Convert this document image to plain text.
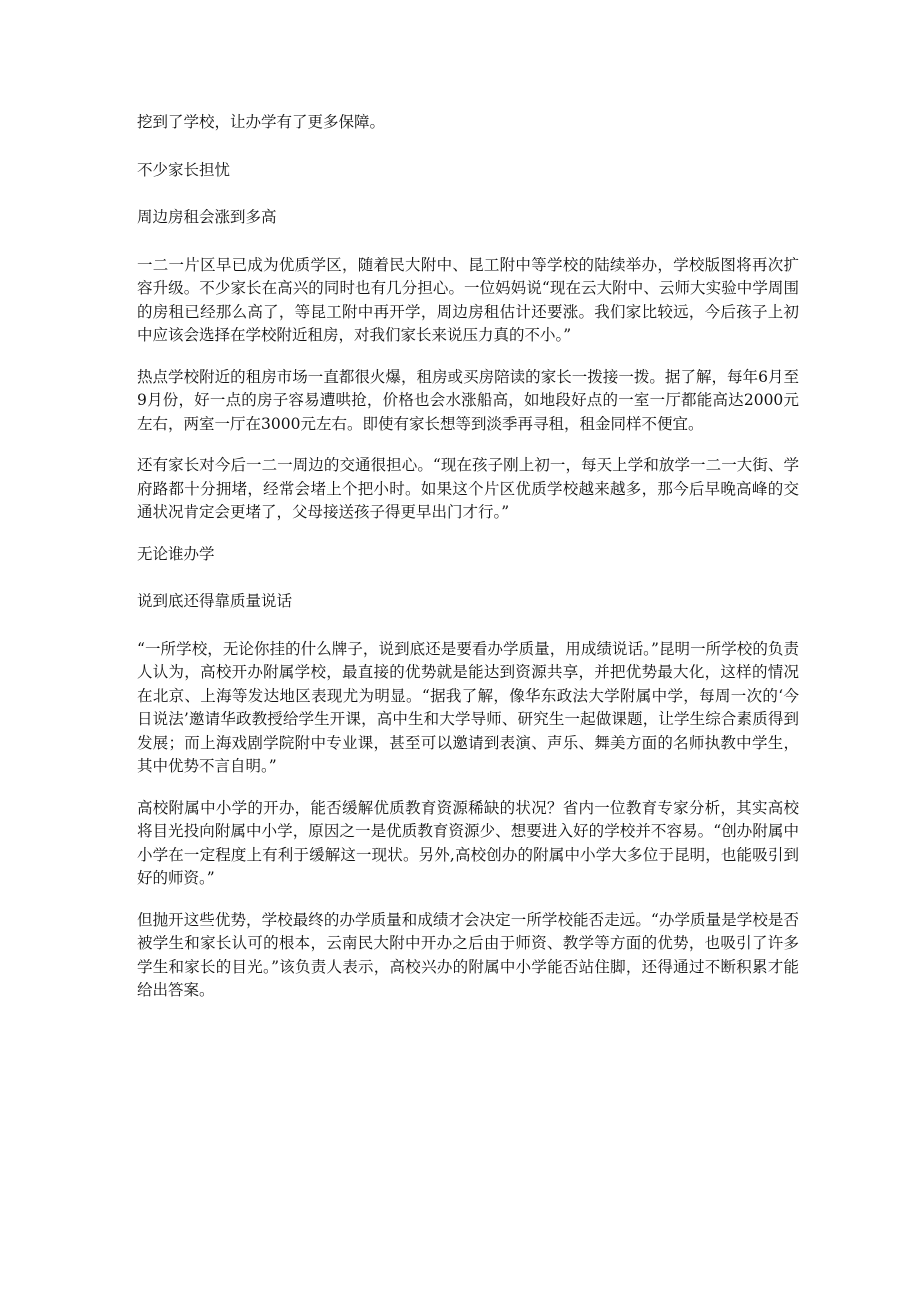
挖到了学校，让办学有了更多保障。

不少家长担忧

周边房租会涨到多高

一二一片区早已成为优质学区，随着民大附中、昆工附中等学校的陆续举办，学校版图将再次扩容升级。不少家长在高兴的同时也有几分担心。一位妈妈说“现在云大附中、云师大实验中学周围的房租已经那么高了，等昆工附中再开学，周边房租估计还要涨。我们家比较远，今后孩子上初中应该会选择在学校附近租房，对我们家长来说压力真的不小。”

热点学校附近的租房市场一直都很火爆，租房或买房陪读的家长一拨接一拨。据了解，每年6月至9月份，好一点的房子容易遭哄抢，价格也会水涨船高，如地段好点的一室一厅都能高达2000元左右，两室一厅在3000元左右。即使有家长想等到淡季再寻租，租金同样不便宜。

还有家长对今后一二一周边的交通很担心。“现在孩子刚上初一，每天上学和放学一二一大街、学府路都十分拥堵，经常会堵上个把小时。如果这个片区优质学校越来越多，那今后早晚高峰的交通状况肯定会更堵了，父母接送孩子得更早出门才行。”

无论谁办学

说到底还得靠质量说话

“一所学校，无论你挂的什么牌子，说到底还是要看办学质量，用成绩说话。”昆明一所学校的负责人认为，高校开办附属学校，最直接的优势就是能达到资源共享，并把优势最大化，这样的情况在北京、上海等发达地区表现尤为明显。“据我了解，像华东政法大学附属中学，每周一次的‘今日说法’邀请华政教授给学生开课，高中生和大学导师、研究生一起做课题，让学生综合素质得到发展；而上海戏剧学院附中专业课，甚至可以邀请到表演、声乐、舞美方面的名师执教中学生，其中优势不言自明。”

高校附属中小学的开办，能否缓解优质教育资源稀缺的状况？省内一位教育专家分析，其实高校将目光投向附属中小学，原因之一是优质教育资源少、想要进入好的学校并不容易。“创办附属中小学在一定程度上有利于缓解这一现状。另外,高校创办的附属中小学大多位于昆明，也能吸引到好的师资。”

但抛开这些优势，学校最终的办学质量和成绩才会决定一所学校能否走远。“办学质量是学校是否被学生和家长认可的根本，云南民大附中开办之后由于师资、教学等方面的优势，也吸引了许多学生和家长的目光。”该负责人表示，高校兴办的附属中小学能否站住脚，还得通过不断积累才能给出答案。
